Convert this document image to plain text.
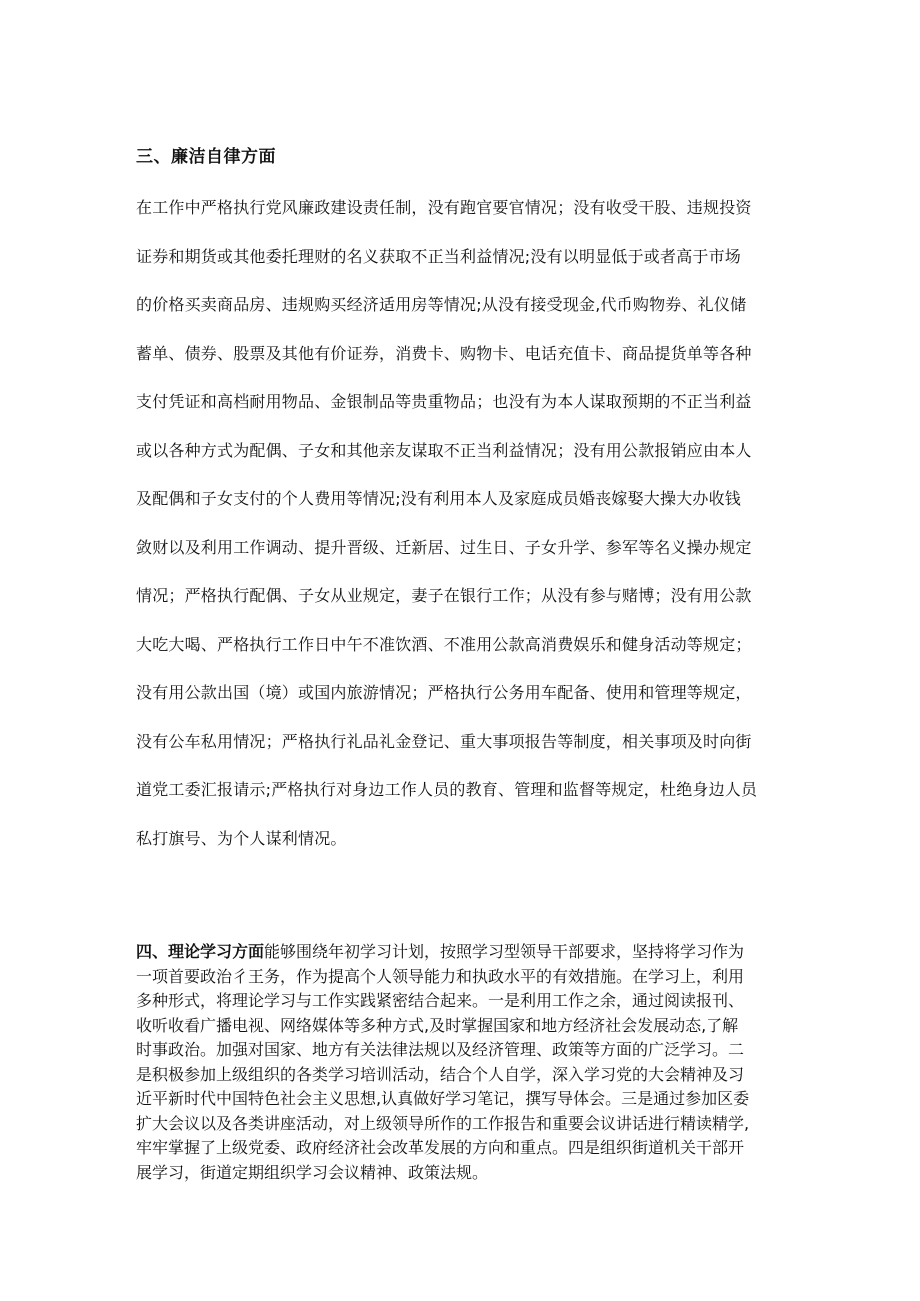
三、廉洁自律方面
在工作中严格执行党风廉政建设责任制，没有跑官要官情况；没有收受干股、违规投资
证券和期货或其他委托理财的名义获取不正当利益情况;没有以明显低于或者高于市场
的价格买卖商品房、违规购买经济适用房等情况;从没有接受现金,代币购物券、礼仪储
蓄单、债券、股票及其他有价证券，消费卡、购物卡、电话充值卡、商品提货单等各种
支付凭证和高档耐用物品、金银制品等贵重物品；也没有为本人谋取预期的不正当利益
或以各种方式为配偶、子女和其他亲友谋取不正当利益情况；没有用公款报销应由本人
及配偶和子女支付的个人费用等情况;没有利用本人及家庭成员婚丧嫁娶大操大办收钱
敛财以及利用工作调动、提升晋级、迁新居、过生日、子女升学、参军等名义操办规定
情况；严格执行配偶、子女从业规定，妻子在银行工作；从没有参与赌博；没有用公款
大吃大喝、严格执行工作日中午不准饮酒、不准用公款高消费娱乐和健身活动等规定；
没有用公款出国（境）或国内旅游情况；严格执行公务用车配备、使用和管理等规定，
没有公车私用情况；严格执行礼品礼金登记、重大事项报告等制度，相关事项及时向街
道党工委汇报请示;严格执行对身边工作人员的教育、管理和监督等规定，杜绝身边人员
私打旗号、为个人谋利情况。
四、理论学习方面能够围绕年初学习计划，按照学习型领导干部要求，坚持将学习作为
一项首要政治彳王务，作为提高个人领导能力和执政水平的有效措施。在学习上，利用
多种形式，将理论学习与工作实践紧密结合起来。一是利用工作之余，通过阅读报刊、
收听收看广播电视、网络媒体等多种方式,及时掌握国家和地方经济社会发展动态,了解
时事政治。加强对国家、地方有关法律法规以及经济管理、政策等方面的广泛学习。二
是积极参加上级组织的各类学习培训活动，结合个人自学，深入学习党的大会精神及习
近平新时代中国特色社会主义思想,认真做好学习笔记，撰写导体会。三是通过参加区委
扩大会议以及各类讲座活动，对上级领导所作的工作报告和重要会议讲话进行精读精学,
牢牢掌握了上级党委、政府经济社会改革发展的方向和重点。四是组织街道机关干部开
展学习，街道定期组织学习会议精神、政策法规。
